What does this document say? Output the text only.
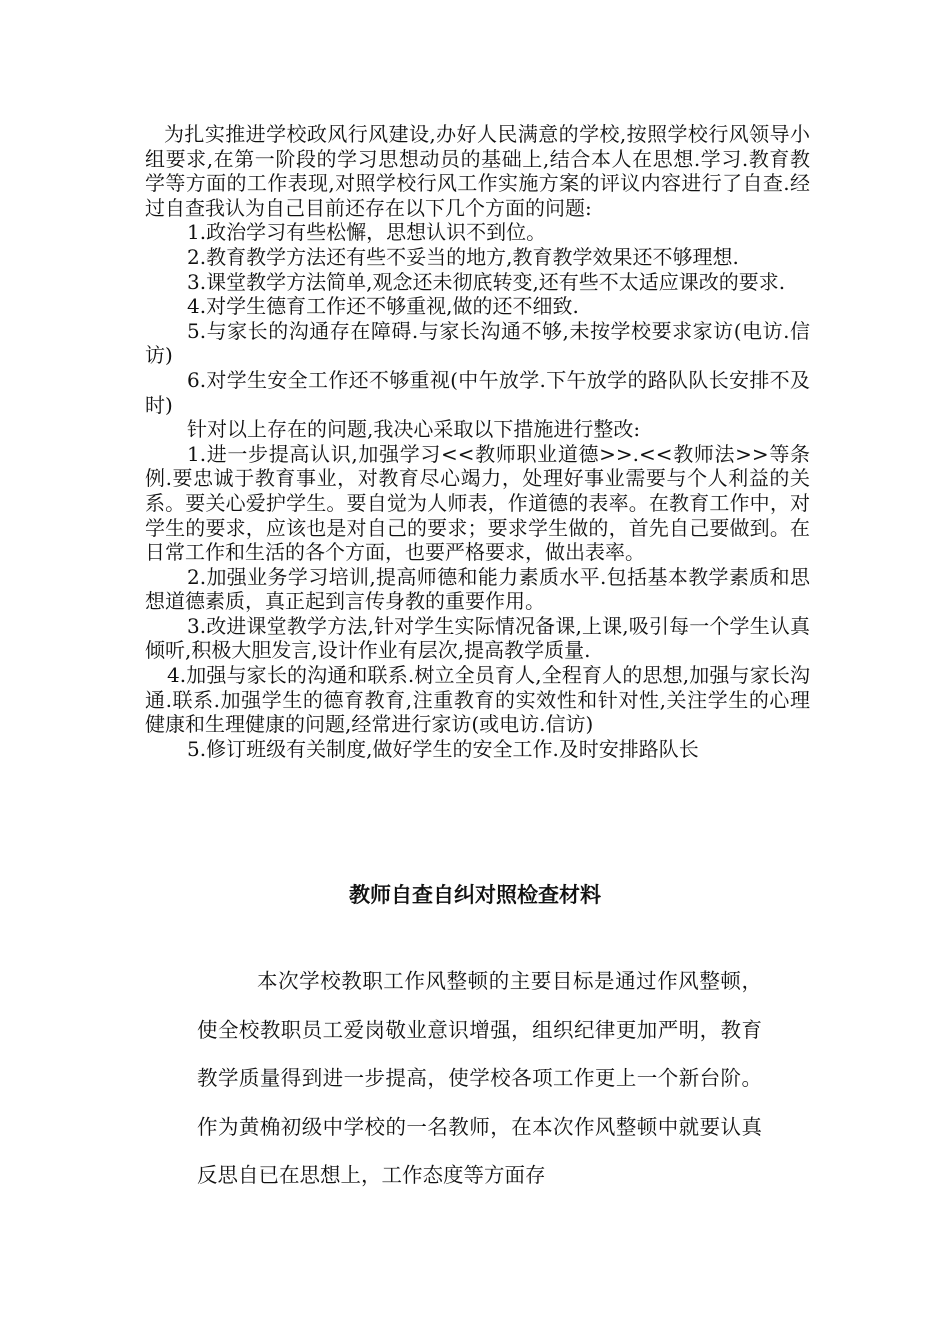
为扎实推进学校政风行风建设,办好人民满意的学校,按照学校行风领导小组要求,在第一阶段的学习思想动员的基础上,结合本人在思想.学习.教育教学等方面的工作表现,对照学校行风工作实施方案的评议内容进行了自查.经过自查我认为自己目前还存在以下几个方面的问题:

1.政治学习有些松懈，思想认识不到位。

2.教育教学方法还有些不妥当的地方,教育教学效果还不够理想.

3.课堂教学方法简单,观念还未彻底转变,还有些不太适应课改的要求.

4.对学生德育工作还不够重视,做的还不细致.

5.与家长的沟通存在障碍.与家长沟通不够,未按学校要求家访(电访.信访)

6.对学生安全工作还不够重视(中午放学.下午放学的路队队长安排不及时)

针对以上存在的问题,我决心采取以下措施进行整改:

1.进一步提高认识,加强学习<<教师职业道德>>.<<教师法>>等条例.要忠诚于教育事业，对教育尽心竭力，处理好事业需要与个人利益的关系。要关心爱护学生。要自觉为人师表，作道德的表率。在教育工作中，对学生的要求，应该也是对自己的要求；要求学生做的，首先自己要做到。在日常工作和生活的各个方面，也要严格要求，做出表率。

2.加强业务学习培训,提高师德和能力素质水平.包括基本教学素质和思想道德素质，真正起到言传身教的重要作用。

3.改进课堂教学方法,针对学生实际情况备课,上课,吸引每一个学生认真倾听,积极大胆发言,设计作业有层次,提高教学质量.

4.加强与家长的沟通和联系.树立全员育人,全程育人的思想,加强与家长沟通.联系.加强学生的德育教育,注重教育的实效性和针对性,关注学生的心理健康和生理健康的问题,经常进行家访(或电访.信访)

5.修订班级有关制度,做好学生的安全工作.及时安排路队长

教师自查自纠对照检查材料

本次学校教职工作风整顿的主要目标是通过作风整顿，使全校教职员工爱岗敬业意识增强，组织纪律更加严明，教育教学质量得到进一步提高，使学校各项工作更上一个新台阶。作为黄桷初级中学校的一名教师，在本次作风整顿中就要认真反思自已在思想上，工作态度等方面存
